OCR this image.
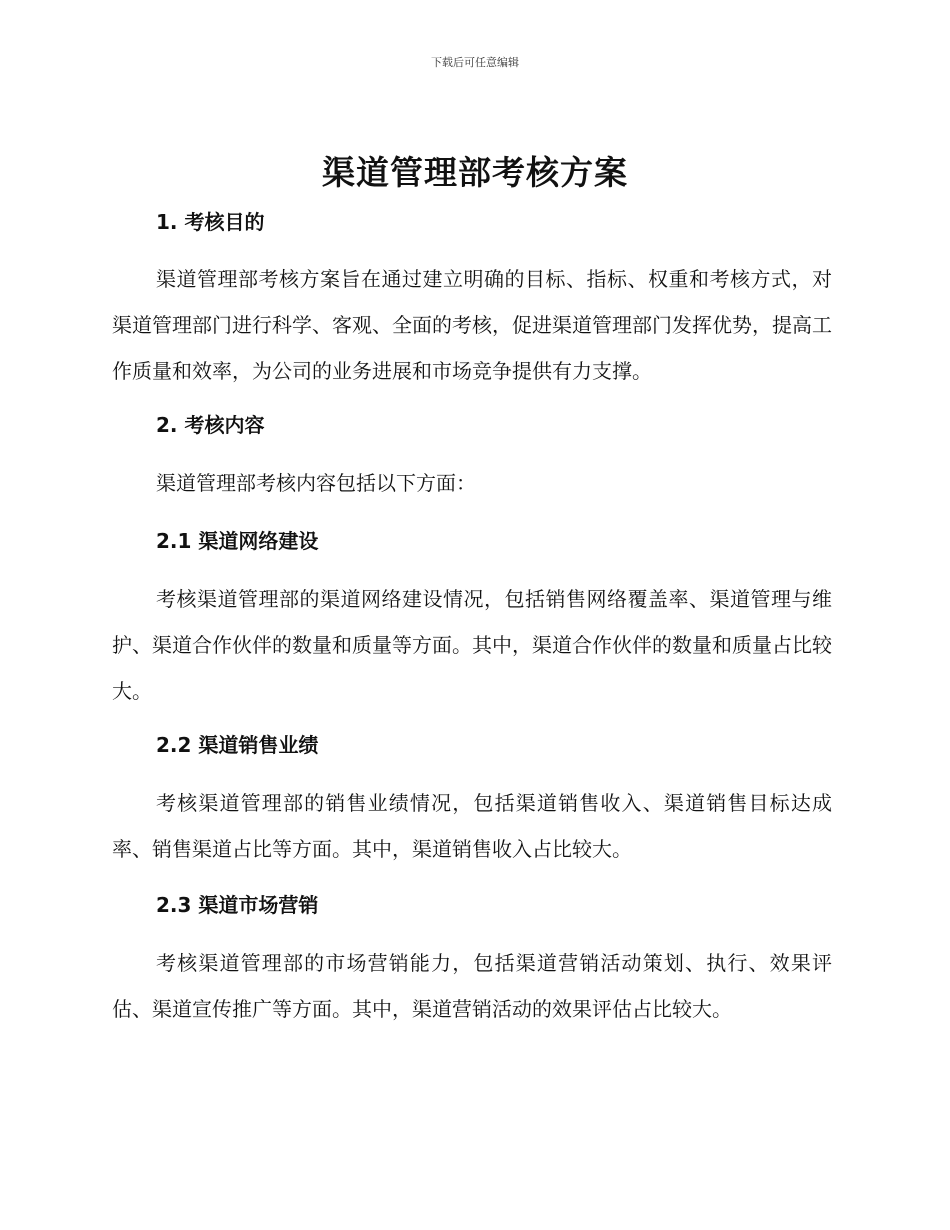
下载后可任意编辑
渠道管理部考核方案
1. 考核目的

渠道管理部考核方案旨在通过建立明确的目标、指标、权重和考核方式，对渠道管理部门进行科学、客观、全面的考核，促进渠道管理部门发挥优势，提高工作质量和效率，为公司的业务进展和市场竞争提供有力支撑。

2. 考核内容

渠道管理部考核内容包括以下方面：

2.1 渠道网络建设

考核渠道管理部的渠道网络建设情况，包括销售网络覆盖率、渠道管理与维护、渠道合作伙伴的数量和质量等方面。其中，渠道合作伙伴的数量和质量占比较大。

2.2 渠道销售业绩

考核渠道管理部的销售业绩情况，包括渠道销售收入、渠道销售目标达成率、销售渠道占比等方面。其中，渠道销售收入占比较大。

2.3 渠道市场营销

考核渠道管理部的市场营销能力，包括渠道营销活动策划、执行、效果评估、渠道宣传推广等方面。其中，渠道营销活动的效果评估占比较大。
